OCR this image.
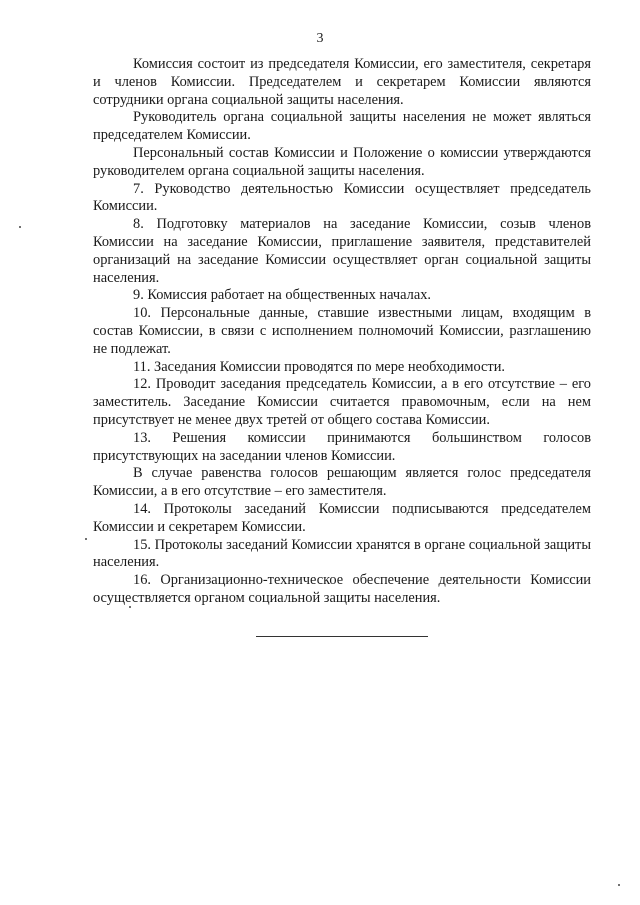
3

Комиссия состоит из председателя Комиссии, его заместителя, секретаря и членов Комиссии. Председателем и секретарем Комиссии являются сотрудники органа социальной защиты населения.

Руководитель органа социальной защиты населения не может являться председателем Комиссии.

Персональный состав Комиссии и Положение о комиссии утверждаются руководителем органа социальной защиты населения.

7. Руководство деятельностью Комиссии осуществляет председатель Комиссии.

8. Подготовку материалов на заседание Комиссии, созыв членов Комиссии на заседание Комиссии, приглашение заявителя, представителей организаций на заседание Комиссии осуществляет орган социальной защиты населения.

9. Комиссия работает на общественных началах.

10. Персональные данные, ставшие известными лицам, входящим в состав Комиссии, в связи с исполнением полномочий Комиссии, разглашению не подлежат.

11. Заседания Комиссии проводятся по мере необходимости.

12. Проводит заседания председатель Комиссии, а в его отсутствие – его заместитель. Заседание Комиссии считается правомочным, если на нем присутствует не менее двух третей от общего состава Комиссии.

13. Решения комиссии принимаются большинством голосов присутствующих на заседании членов Комиссии.

В случае равенства голосов решающим является голос председателя Комиссии, а в его отсутствие – его заместителя.

14. Протоколы заседаний Комиссии подписываются председателем Комиссии и секретарем Комиссии.

15. Протоколы заседаний Комиссии хранятся в органе социальной защиты населения.

16. Организационно-техническое обеспечение деятельности Комиссии осуществляется органом социальной защиты населения.
